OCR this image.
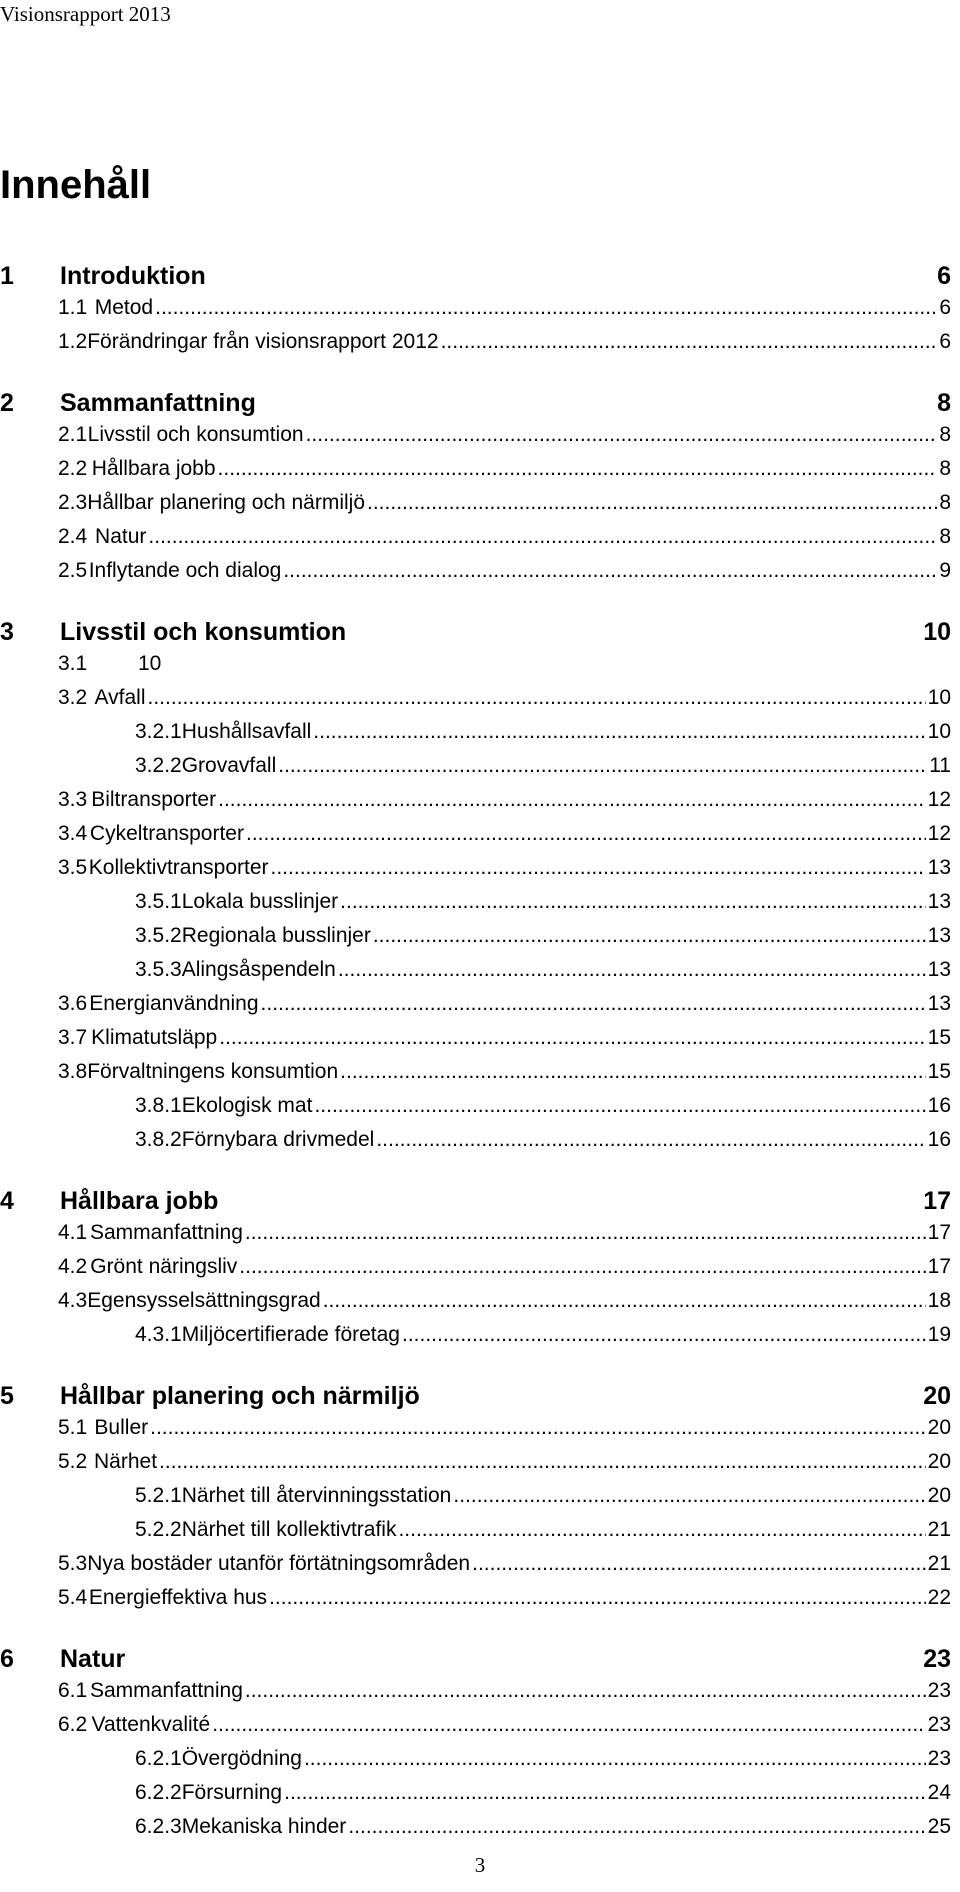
Visionsrapport 2013
Innehåll
1	Introduktion	6
1.1 Metod .....	6
1.2 Förändringar från visionsrapport 2012 .....	6
2	Sammanfattning	8
2.1 Livsstil och konsumtion .....	8
2.2 Hållbara jobb .....	8
2.3 Hållbar planering och närmiljö .....	8
2.4 Natur .....	8
2.5 Inflytande och dialog .....	9
3	Livsstil och konsumtion	10
3.1	10
3.2 Avfall .....	10
3.2.1 Hushållsavfall .....	10
3.2.2 Grovavfall .....	11
3.3 Biltransporter .....	12
3.4 Cykeltransporter .....	12
3.5 Kollektivtransporter .....	13
3.5.1 Lokala busslinjer .....	13
3.5.2 Regionala busslinjer .....	13
3.5.3 Alingsåspendeln .....	13
3.6 Energianvändning .....	13
3.7 Klimatutsläpp .....	15
3.8 Förvaltningens konsumtion .....	15
3.8.1 Ekologisk mat .....	16
3.8.2 Förnybara drivmedel .....	16
4	Hållbara jobb	17
4.1 Sammanfattning .....	17
4.2 Grönt näringsliv .....	17
4.3 Egensysselsättningsgrad .....	18
4.3.1 Miljöcertifierade företag .....	19
5	Hållbar planering och närmiljö	20
5.1 Buller .....	20
5.2 Närhet .....	20
5.2.1 Närhet till återvinningsstation .....	20
5.2.2 Närhet till kollektivtrafik .....	21
5.3 Nya bostäder utanför förtätningsområden .....	21
5.4 Energieffektiva hus .....	22
6	Natur	23
6.1 Sammanfattning .....	23
6.2 Vattenkvalité .....	23
6.2.1 Övergödning .....	23
6.2.2 Försurning .....	24
6.2.3 Mekaniska hinder .....	25
3
